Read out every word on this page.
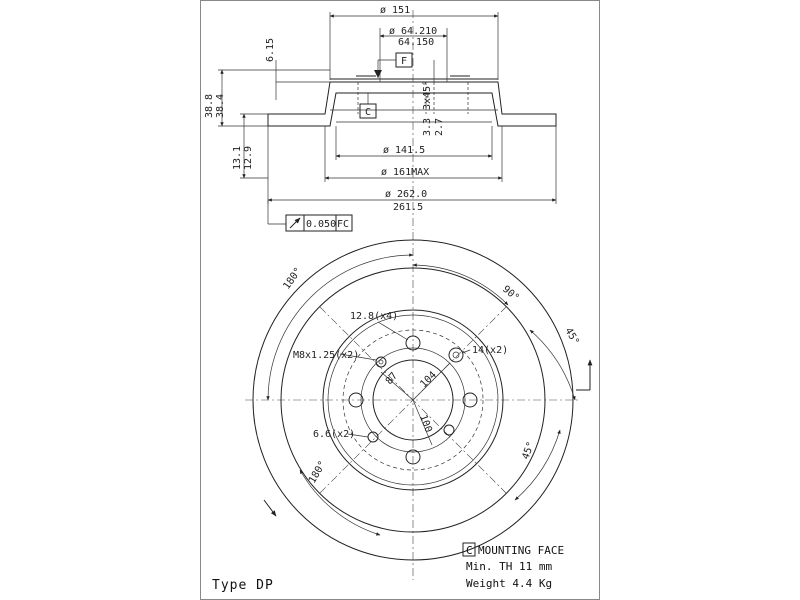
ø 151
ø 64.210
64.150
F
6.15
38.8 38.4	C
3x45°
3.3 2.7
ø 141.5
ø 161MAX
13.1 12.9
ø 262.0
261.5
0.050 FC
12.8(x4)
M8x1.25(x2)	14(x2)
6.6(x2)
87 104
100
180°
90°
45°
45°
180°
C MOUNTING FACE
Min. TH 11 mm
Weight 4.4 Kg
Type DP
